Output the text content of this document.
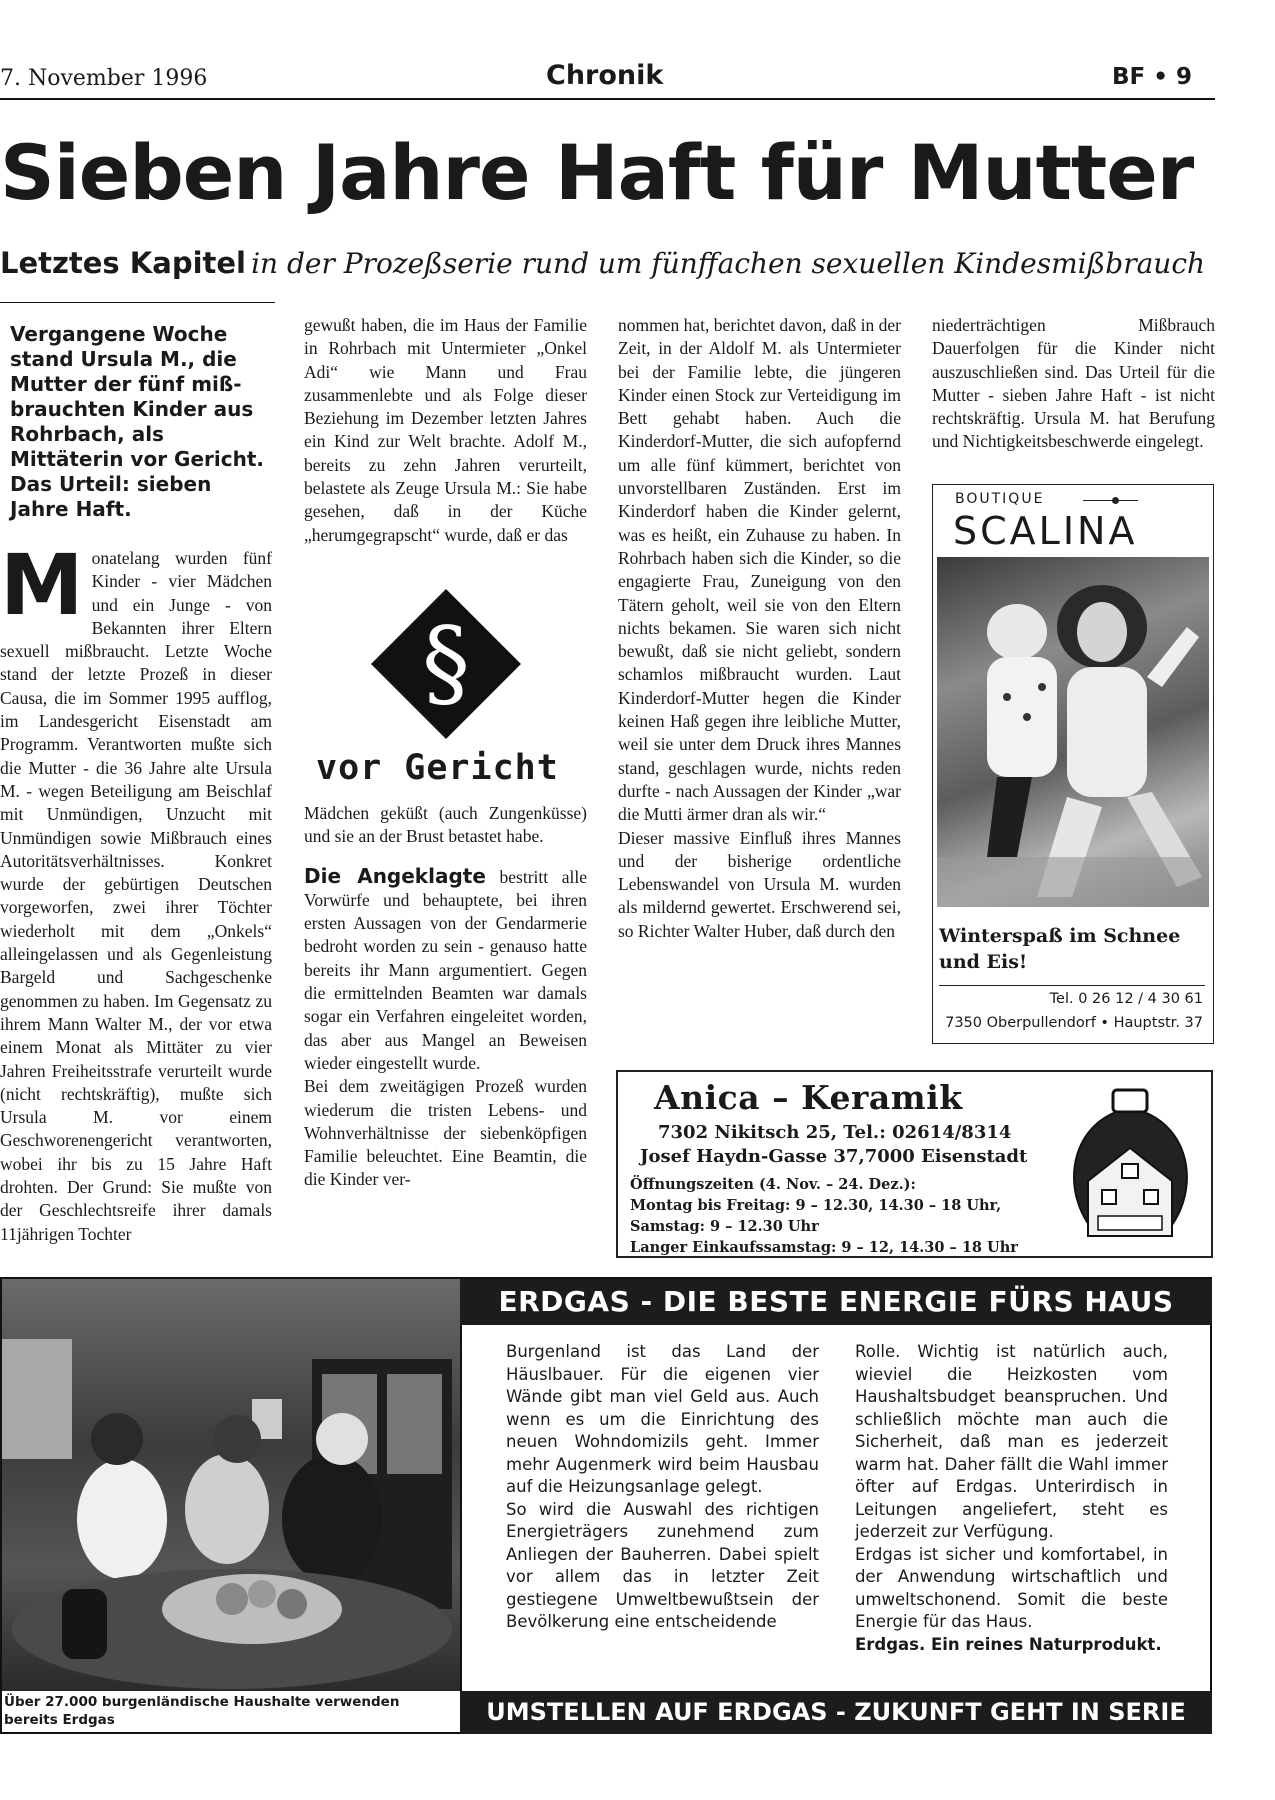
7. November 1996	Chronik	BF • 9
Sieben Jahre Haft für Mutter
Letztes Kapitel in der Prozeßserie rund um fünffachen sexuellen Kindesmißbrauch
Vergangene Woche stand Ursula M., die Mutter der fünf mißbrauchten Kinder aus Rohrbach, als Mittäterin vor Gericht. Das Urteil: sieben Jahre Haft.
Monatelang wurden fünf Kinder - vier Mädchen und ein Junge - von Bekannten ihrer Eltern sexuell mißbraucht. Letzte Woche stand der letzte Prozeß in dieser Causa, die im Sommer 1995 aufflog, im Landesgericht Eisenstadt am Programm. Verantworten mußte sich die Mutter - die 36 Jahre alte Ursula M. - wegen Beteiligung am Beischlaf mit Unmündigen, Unzucht mit Unmündigen sowie Mißbrauch eines Autoritätsverhältnisses. Konkret wurde der gebürtigen Deutschen vorgeworfen, zwei ihrer Töchter wiederholt mit dem „Onkels“ alleingelassen und als Gegenleistung Bargeld und Sachgeschenke genommen zu haben. Im Gegensatz zu ihrem Mann Walter M., der vor etwa einem Monat als Mittäter zu vier Jahren Freiheitsstrafe verurteilt wurde (nicht rechtskräftig), mußte sich Ursula M. vor einem Geschworenengericht verantworten, wobei ihr bis zu 15 Jahre Haft drohten. Der Grund: Sie mußte von der Geschlechtsreife ihrer damals 11jährigen Tochter

gewußt haben, die im Haus der Familie in Rohrbach mit Untermieter „Onkel Adi“ wie Mann und Frau zusammenlebte und als Folge dieser Beziehung im Dezember letzten Jahres ein Kind zur Welt brachte. Adolf M., bereits zu zehn Jahren verurteilt, belastete als Zeuge Ursula M.: Sie habe gesehen, daß in der Küche „herumgegrapscht“ wurde, daß er das

§
vor Gericht

Mädchen geküßt (auch Zungenküsse) und sie an der Brust betastet habe.

Die Angeklagte bestritt alle Vorwürfe und behauptete, bei ihren ersten Aussagen von der Gendarmerie bedroht worden zu sein - genauso hatte bereits ihr Mann argumentiert. Gegen die ermittelnden Beamten war damals sogar ein Verfahren eingeleitet worden, das aber aus Mangel an Beweisen wieder eingestellt wurde.

Bei dem zweitägigen Prozeß wurden wiederum die tristen Lebens- und Wohnverhältnisse der siebenköpfigen Familie beleuchtet. Eine Beamtin, die die Kinder ver-

nommen hat, berichtet davon, daß in der Zeit, in der Aldolf M. als Untermieter bei der Familie lebte, die jüngeren Kinder einen Stock zur Verteidigung im Bett gehabt haben. Auch die Kinderdorf-Mutter, die sich aufopfernd um alle fünf kümmert, berichtet von unvorstellbaren Zuständen. Erst im Kinderdorf haben die Kinder gelernt, was es heißt, ein Zuhause zu haben. In Rohrbach haben sich die Kinder, so die engagierte Frau, Zuneigung von den Tätern geholt, weil sie von den Eltern nichts bekamen. Sie waren sich nicht bewußt, daß sie nicht geliebt, sondern schamlos mißbraucht wurden. Laut Kinderdorf-Mutter hegen die Kinder keinen Haß gegen ihre leibliche Mutter, weil sie unter dem Druck ihres Mannes stand, geschlagen wurde, nichts reden durfte - nach Aussagen der Kinder „war die Mutti ärmer dran als wir.“

Dieser massive Einfluß ihres Mannes und der bisherige ordentliche Lebenswandel von Ursula M. wurden als mildernd gewertet. Erschwerend sei, so Richter Walter Huber, daß durch den

niederträchtigen Mißbrauch Dauerfolgen für die Kinder nicht auszuschließen sind. Das Urteil für die Mutter - sieben Jahre Haft - ist nicht rechtskräftig. Ursula M. hat Berufung und Nichtigkeitsbeschwerde eingelegt.

BOUTIQUE
SCALINA
Winterspaß im Schnee und Eis!
Tel. 0 26 12 / 4 30 61
7350 Oberpullendorf • Hauptstr. 37
Anica – Keramik
7302 Nikitsch 25, Tel.: 02614/8314
Josef Haydn-Gasse 37,7000 Eisenstadt
Öffnungszeiten (4. Nov. – 24. Dez.):
Montag bis Freitag: 9 – 12.30, 14.30 – 18 Uhr,
Samstag: 9 – 12.30 Uhr
Langer Einkaufssamstag: 9 – 12, 14.30 – 18 Uhr
Über 27.000 burgenländische Haushalte verwenden bereits Erdgas
ERDGAS - DIE BESTE ENERGIE FÜRS HAUS

Burgenland ist das Land der Häuslbauer. Für die eigenen vier Wände gibt man viel Geld aus. Auch wenn es um die Einrichtung des neuen Wohndomizils geht. Immer mehr Augenmerk wird beim Hausbau auf die Heizungsanlage gelegt.

So wird die Auswahl des richtigen Energieträgers zunehmend zum Anliegen der Bauherren. Dabei spielt vor allem das in letzter Zeit gestiegene Umweltbewußtsein der Bevölkerung eine entscheidende

Rolle. Wichtig ist natürlich auch, wieviel die Heizkosten vom Haushaltsbudget beanspruchen. Und schließlich möchte man auch die Sicherheit, daß man es jederzeit warm hat. Daher fällt die Wahl immer öfter auf Erdgas. Unterirdisch in Leitungen angeliefert, steht es jederzeit zur Verfügung.

Erdgas ist sicher und komfortabel, in der Anwendung wirtschaftlich und umweltschonend. Somit die beste Energie für das Haus.

Erdgas. Ein reines Naturprodukt.

UMSTELLEN AUF ERDGAS - ZUKUNFT GEHT IN SERIE
